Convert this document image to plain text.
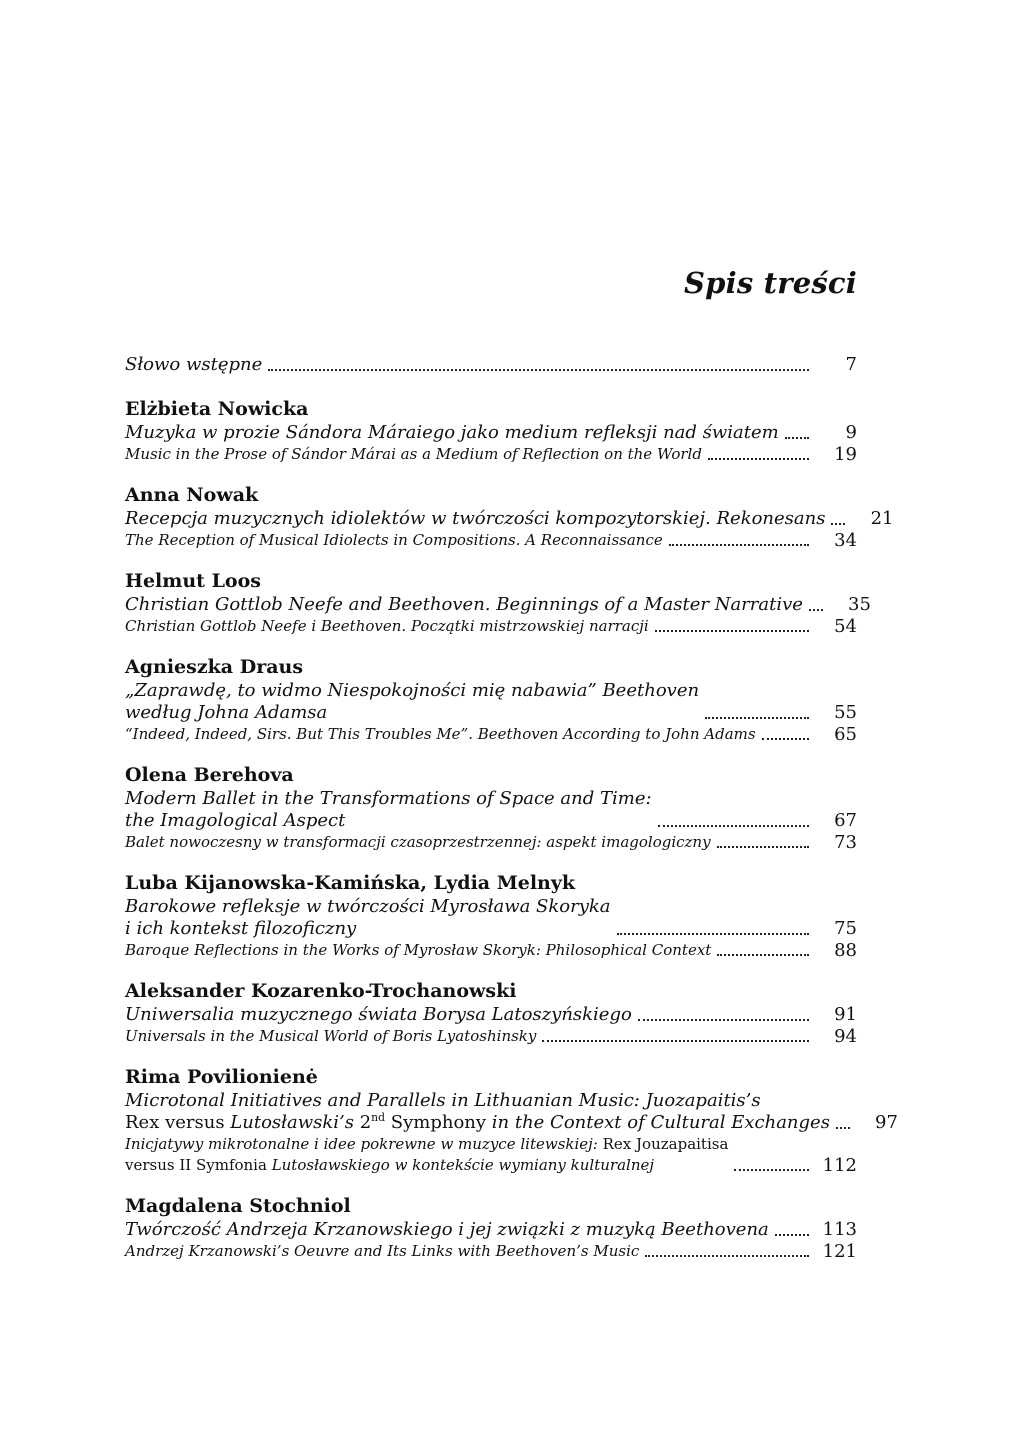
Spis treści
Słowo wstępne	7
Elżbieta Nowicka
Muzyka w prozie Sándora Máraiego jako medium refleksji nad światem	9
Music in the Prose of Sándor Márai as a Medium of Reflection on the World	19
Anna Nowak
Recepcja muzycznych idiolektów w twórczości kompozytorskiej. Rekonesans	21
The Reception of Musical Idiolects in Compositions. A Reconnaissance	34
Helmut Loos
Christian Gottlob Neefe and Beethoven. Beginnings of a Master Narrative	35
Christian Gottlob Neefe i Beethoven. Początki mistrzowskiej narracji	54
Agnieszka Draus
„Zaprawdę, to widmo Niespokojności mię nabawia” Beethoven
według Johna Adamsa	55
“Indeed, Indeed, Sirs. But This Troubles Me”. Beethoven According to John Adams	65
Olena Berehova
Modern Ballet in the Transformations of Space and Time:
the Imagological Aspect	67
Balet nowoczesny w transformacji czasoprzestrzennej: aspekt imagologiczny	73
Luba Kijanowska-Kamińska, Lydia Melnyk
Barokowe refleksje w twórczości Myrosława Skoryka
i ich kontekst filozoficzny	75
Baroque Reflections in the Works of Myrosław Skoryk: Philosophical Context	88
Aleksander Kozarenko-Trochanowski
Uniwersalia muzycznego świata Borysa Latoszyńskiego	91
Universals in the Musical World of Boris Lyatoshinsky	94
Rima Povilionienė
Microtonal Initiatives and Parallels in Lithuanian Music: Juozapaitis’s
Rex versus Lutosławski’s 2nd Symphony in the Context of Cultural Exchanges	97
Inicjatywy mikrotonalne i idee pokrewne w muzyce litewskiej: Rex Jouzapaitisa
versus II Symfonia Lutosławskiego w kontekście wymiany kulturalnej	112
Magdalena Stochniol
Twórczość Andrzeja Krzanowskiego i jej związki z muzyką Beethovena	113
Andrzej Krzanowski’s Oeuvre and Its Links with Beethoven’s Music	121
